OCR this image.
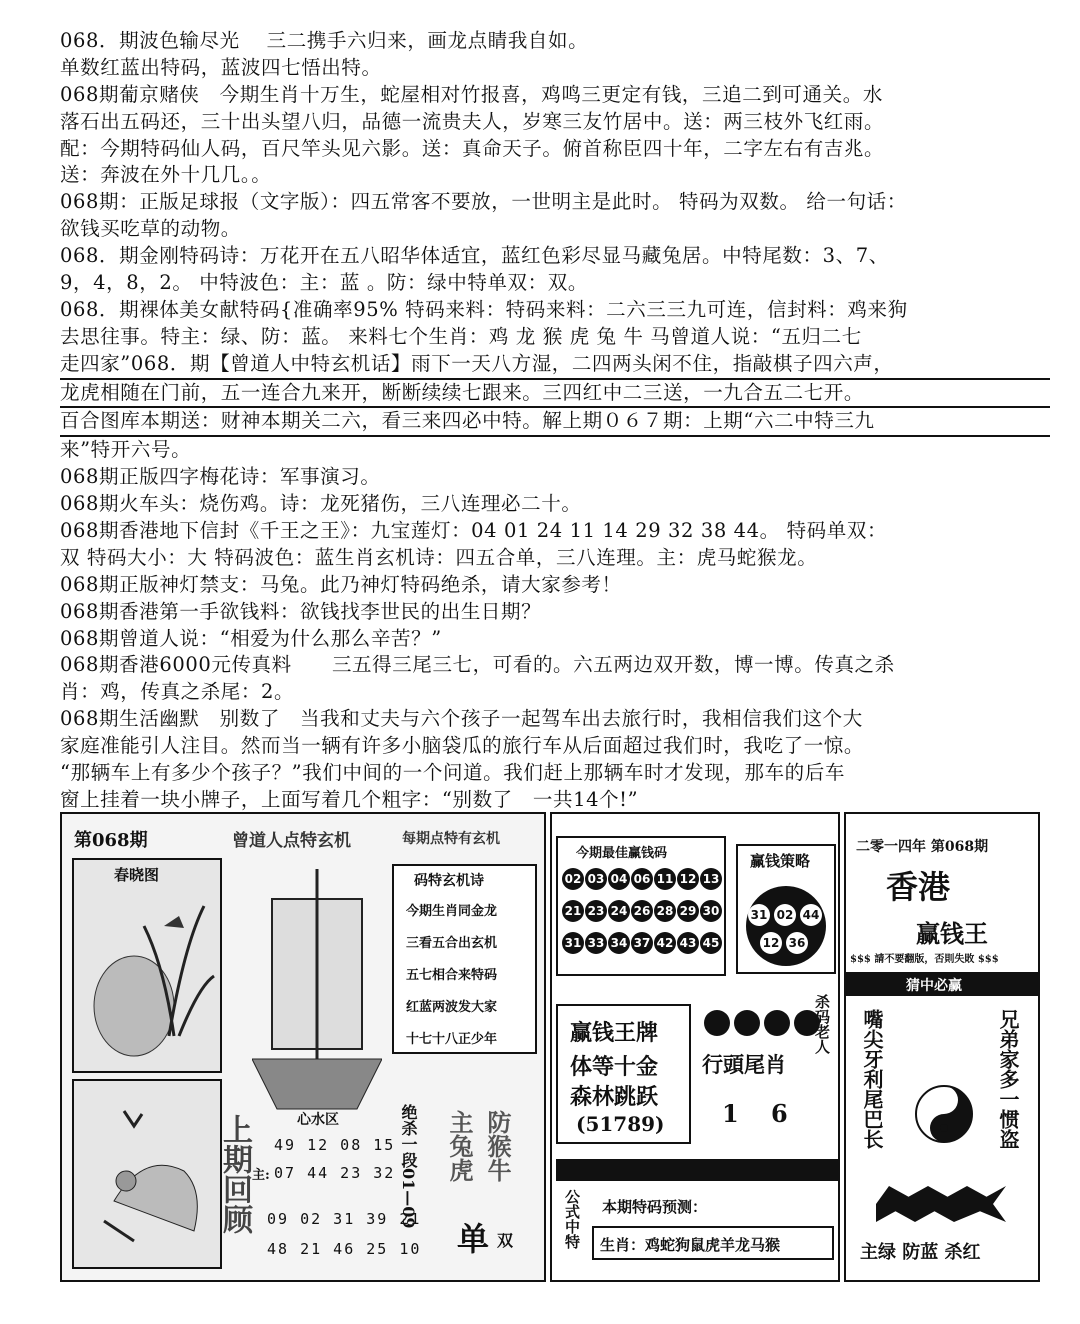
068．期波色输尽光　 三二携手六归来，画龙点睛我自如。
单数红蓝出特码，蓝波四七悟出特。
068期葡京赌侠　今期生肖十万生，蛇屋相对竹报喜，鸡鸣三更定有钱，三追二到可通关。水
落石出五码还，三十出头望八归，品德一流贵夫人，岁寒三友竹居中。送：两三枝外飞红雨。
配：今期特码仙人码，百尺竿头见六影。送：真命天子。俯首称臣四十年，二字左右有吉兆。
送：奔波在外十几几。。
068期：正版足球报（文字版）：四五常客不要放，一世明主是此时。 特码为双数。 给一句话：
欲钱买吃草的动物。
068．期金刚特码诗：万花开在五八昭华体适宜，蓝红色彩尽显马藏兔居。中特尾数：3、7、
9，4，8，2。 中特波色：主：蓝 。防：绿中特单双：双。
068．期裸体美女献特码{准确率95% 特码来料：特码来料：二六三三九可连，信封料：鸡来狗
去思往事。特主：绿、防：蓝。 来料七个生肖：鸡 龙 猴 虎 兔 牛 马曾道人说：“五归二七
走四家”068．期【曾道人中特玄机话】雨下一天八方湿，二四两头闲不住，指敲棋子四六声，
龙虎相随在门前，五一连合九来开，断断续续七跟来。三四红中二三送，一九合五二七开。
百合图库本期送：财神本期关二六，看三来四必中特。解上期０６７期：上期“六二中特三九
来”特开六号。
068期正版四字梅花诗：军事演习。
068期火车头：烧伤鸡。诗：龙死猪伤，三八连理必二十。
068期香港地下信封《千王之王》：九宝莲灯：04 01 24 11 14 29 32 38 44。 特码单双：
双 特码大小：大 特码波色：蓝生肖玄机诗：四五合单，三八连理。主：虎马蛇猴龙。
068期正版神灯禁支：马兔。此乃神灯特码绝杀，请大家参考！
068期香港第一手欲钱料：欲钱找李世民的出生日期？
068期曾道人说：“相爱为什么那么辛苦？”
068期香港6000元传真料　　三五得三尾三七，可看的。六五两边双开数，博一博。传真之杀
肖：鸡，传真之杀尾：2。
068期生活幽默　别数了　当我和丈夫与六个孩子一起驾车出去旅行时，我相信我们这个大
家庭准能引人注目。然而当一辆有许多小脑袋瓜的旅行车从后面超过我们时，我吃了一惊。
“那辆车上有多少个孩子？”我们中间的一个问道。我们赶上那辆车时才发现，那车的后车
窗上挂着一块小牌子，上面写着几个粗字：“别数了　一共14个!”
第068期	曾道人点特玄机	每期点特有玄机
春晓图
上期回顾
码特玄机诗
今期生肖同金龙
三看五合出玄机
五七相合来特码
红蓝两波发大家
十七十八正少年
心水区
主:
49 12 08 15
07 44 23 32
09 02 31 39 21
48 21 46 25 10
绝杀一段01—09 主兔虎 防猴牛
单 双
今期最佳赢钱码
02 03 04 06 11 12 13
21 23 24 26 28 29 30
31 33 34 37 42 43 45
赢钱策略
31 02 44
12 36
赢钱王牌
体等十金
森林跳跃
(51789)
行頭尾肖
1 6
杀码老人
公式中特 本期特码预测：
生肖：鸡蛇狗鼠虎羊龙马猴
二零一四年 第068期
香港
赢钱王
$$$ 請不要翻版，否則失敗 $$$
猜中必赢
嘴尖牙利尾巴长	兄弟家多一惯盗
主绿 防蓝 杀红
